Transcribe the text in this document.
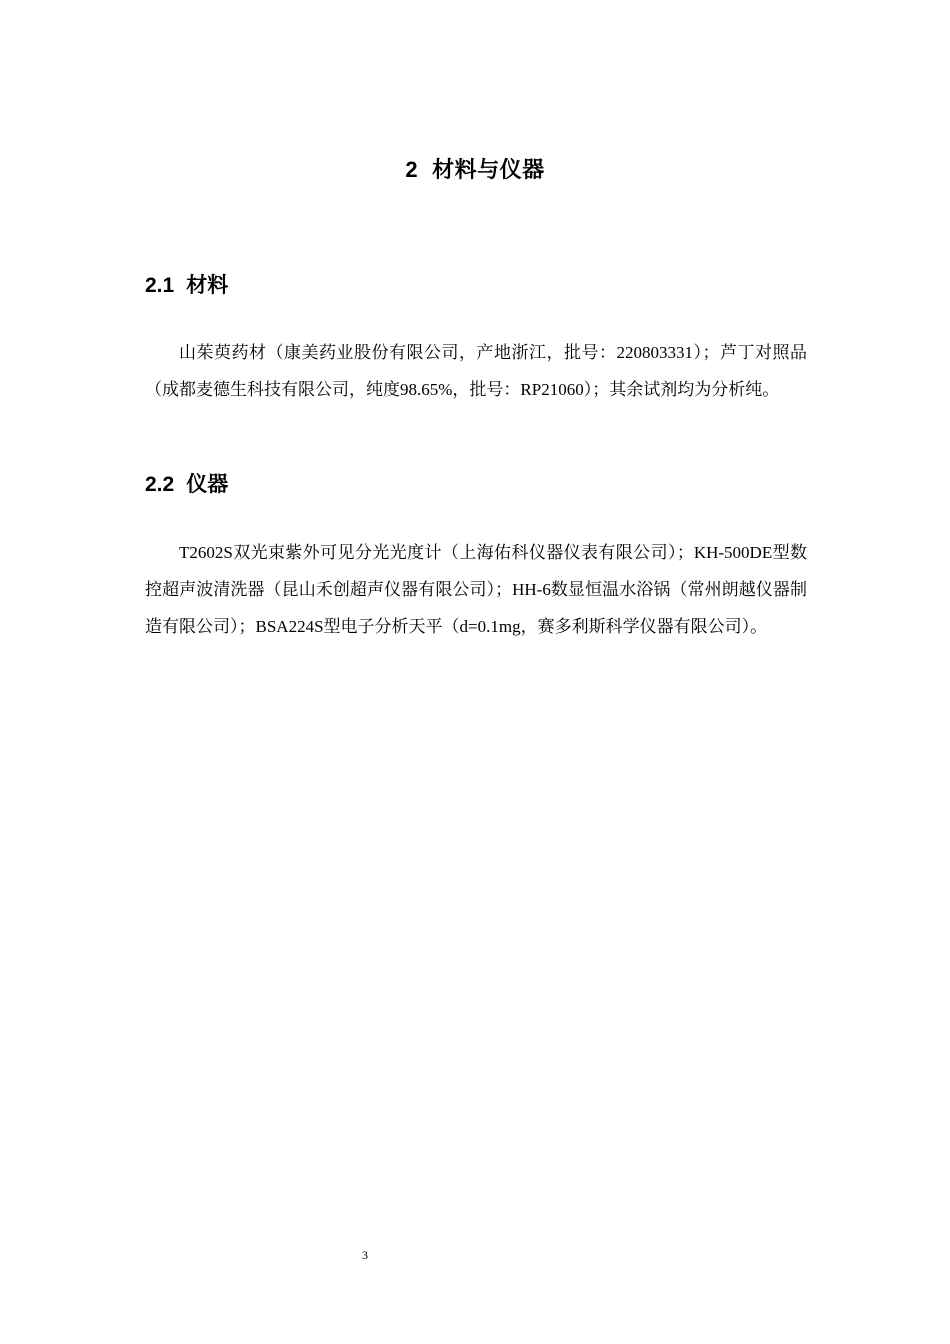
2 材料与仪器
2.1 材料

山茱萸药材（康美药业股份有限公司，产地浙江，批号：220803331）；芦丁对照品（成都麦德生科技有限公司，纯度98.65%，批号：RP21060）；其余试剂均为分析纯。

2.2 仪器

T2602S双光束紫外可见分光光度计（上海佑科仪器仪表有限公司）；KH-500DE型数控超声波清洗器（昆山禾创超声仪器有限公司）；HH-6数显恒温水浴锅（常州朗越仪器制造有限公司）；BSA224S型电子分析天平（d=0.1mg，赛多利斯科学仪器有限公司）。

3
